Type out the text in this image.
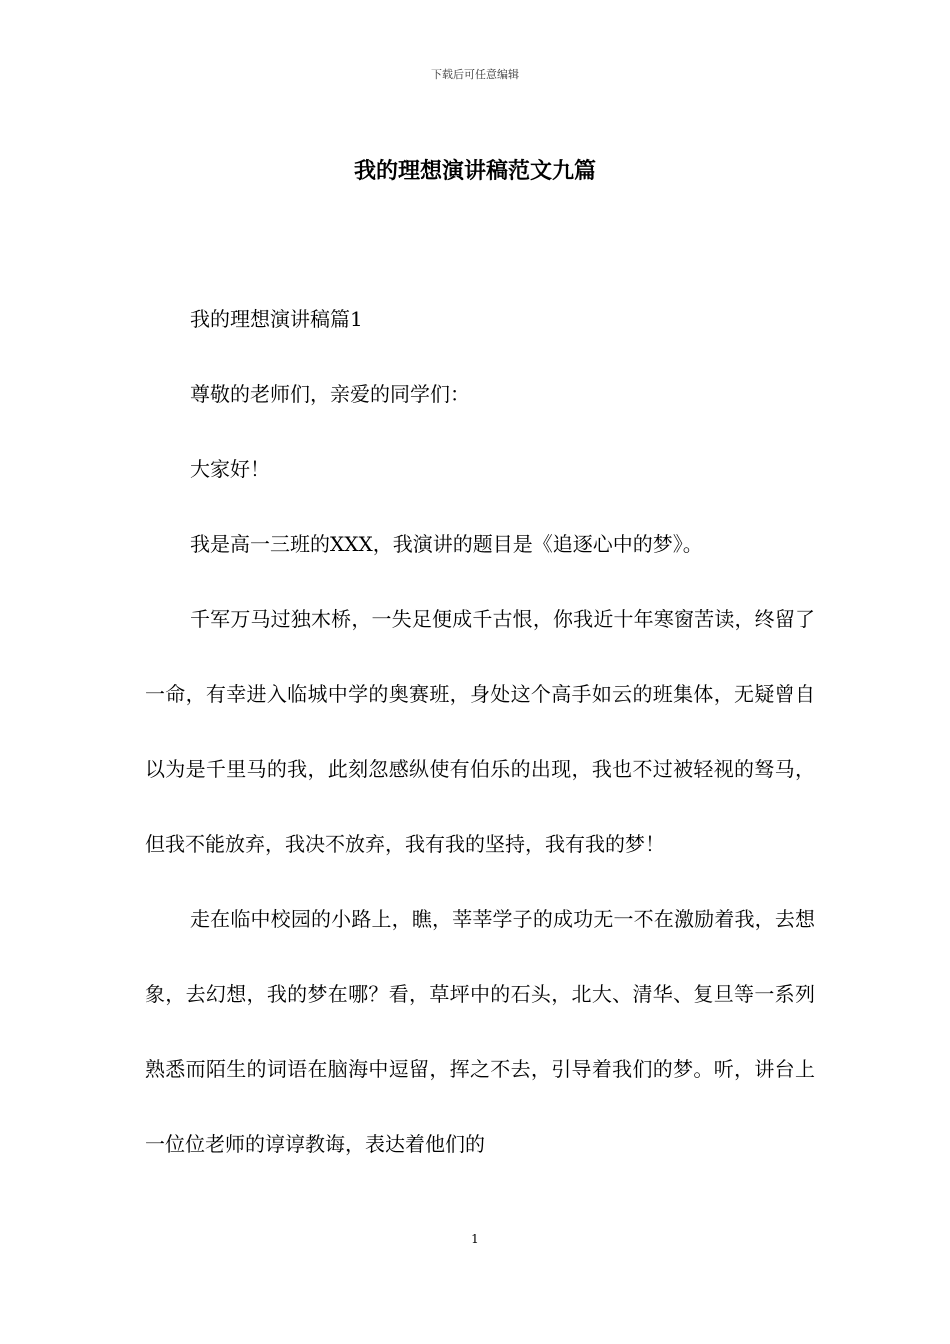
下载后可任意编辑
我的理想演讲稿范文九篇

我的理想演讲稿篇1

尊敬的老师们，亲爱的同学们：

大家好！

我是高一三班的XXX，我演讲的题目是《追逐心中的梦》。

千军万马过独木桥，一失足便成千古恨，你我近十年寒窗苦读，终留了一命，有幸进入临城中学的奥赛班，身处这个高手如云的班集体，无疑曾自以为是千里马的我，此刻忽感纵使有伯乐的出现，我也不过被轻视的驽马，但我不能放弃，我决不放弃，我有我的坚持，我有我的梦！

走在临中校园的小路上，瞧，莘莘学子的成功无一不在激励着我，去想象，去幻想，我的梦在哪？看，草坪中的石头，北大、清华、复旦等一系列熟悉而陌生的词语在脑海中逗留，挥之不去，引导着我们的梦。听，讲台上一位位老师的谆谆教诲，表达着他们的

1
